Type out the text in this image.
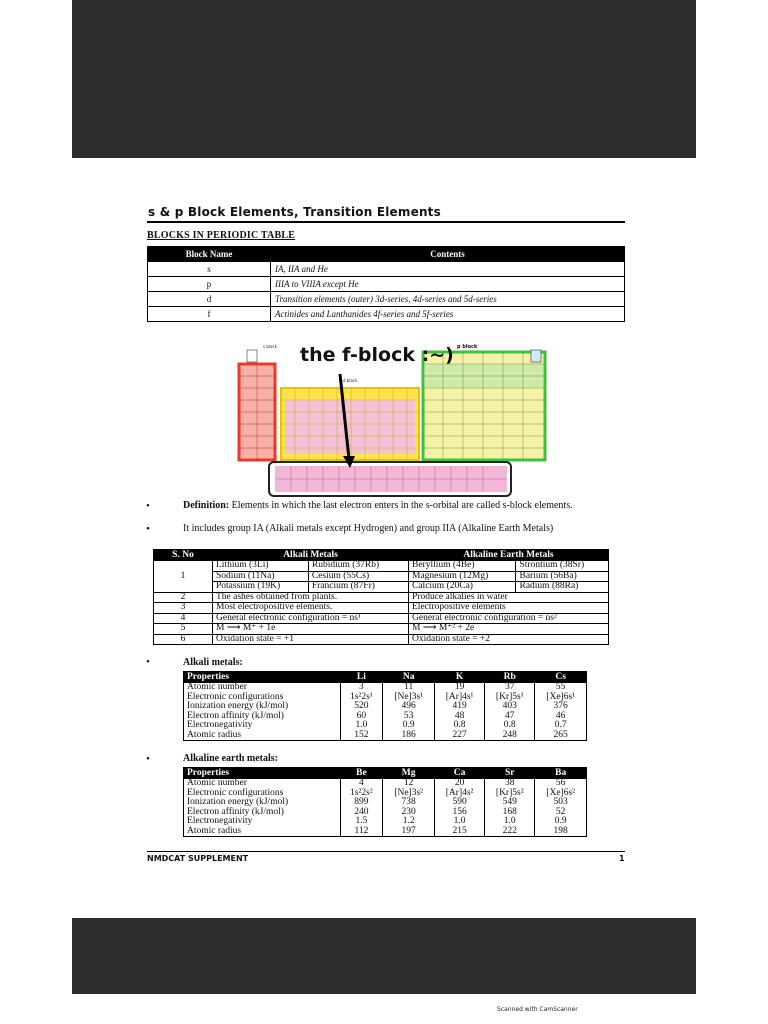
s & p Block Elements, Transition Elements
BLOCKS IN PERIODIC TABLE
Block Name	Contents
s	IA, IIA and He
p	IIIA to VIIIA except He
d	Transition elements (outer) 3d-series, 4d-series and 5d-series
f	Actinides and Lanthanides 4f-series and 5f-series
s block	p block
d block
the f-block :~)
•	Definition: Elements in which the last electron enters in the s-orbital are called s-block elements.
•	It includes group IA (Alkali metals except Hydrogen) and group IIA (Alkaline Earth Metals)
S. No	Alkali Metals		Alkaline Earth Metals	
1	Lithium (3Li)	Rubidium (37Rb)	Beryllium (4Be)	Strontium (38Sr)
	Sodium (11Na)	Cesium (55Cs)	Magnesium (12Mg)	Barium (56Ba)
	Potassium (19K)	Francium (87Fr)	Calcium (20Ca)	Radium (88Ra)
2	The ashes obtained from plants.		Produce alkalies in water	
3	Most electropositive elements.		Electropositive elements	
4	General electronic configuration = ns¹		General electronic configuration = ns²	
5	M ⟶ M⁺ + 1e		M ⟶ M⁺² + 2e	
6	Oxidation state = +1		Oxidation state = +2	
•	Alkali metals:
Properties	Li	Na	K	Rb	Cs
Atomic number	3	11	19	37	55
Electronic configurations	1s²2s¹	[Ne]3s¹	[Ar]4s¹	[Kr]5s¹	[Xe]6s¹
Ionization energy (kJ/mol)	520	496	419	403	376
Electron affinity (kJ/mol)	60	53	48	47	46
Electronegativity	1.0	0.9	0.8	0.8	0.7
Atomic radius	152	186	227	248	265
•	Alkaline earth metals:
Properties	Be	Mg	Ca	Sr	Ba
Atomic number	4	12	20	38	56
Electronic configurations	1s²2s²	[Ne]3s²	[Ar]4s²	[Kr]5s²	[Xe]6s²
Ionization energy (kJ/mol)	899	738	590	549	503
Electron affinity (kJ/mol)	240	230	156	168	52
Electronegativity	1.5	1.2	1.0	1.0	0.9
Atomic radius	112	197	215	222	198
NMDCAT SUPPLEMENT	1
Scanned with CamScanner
